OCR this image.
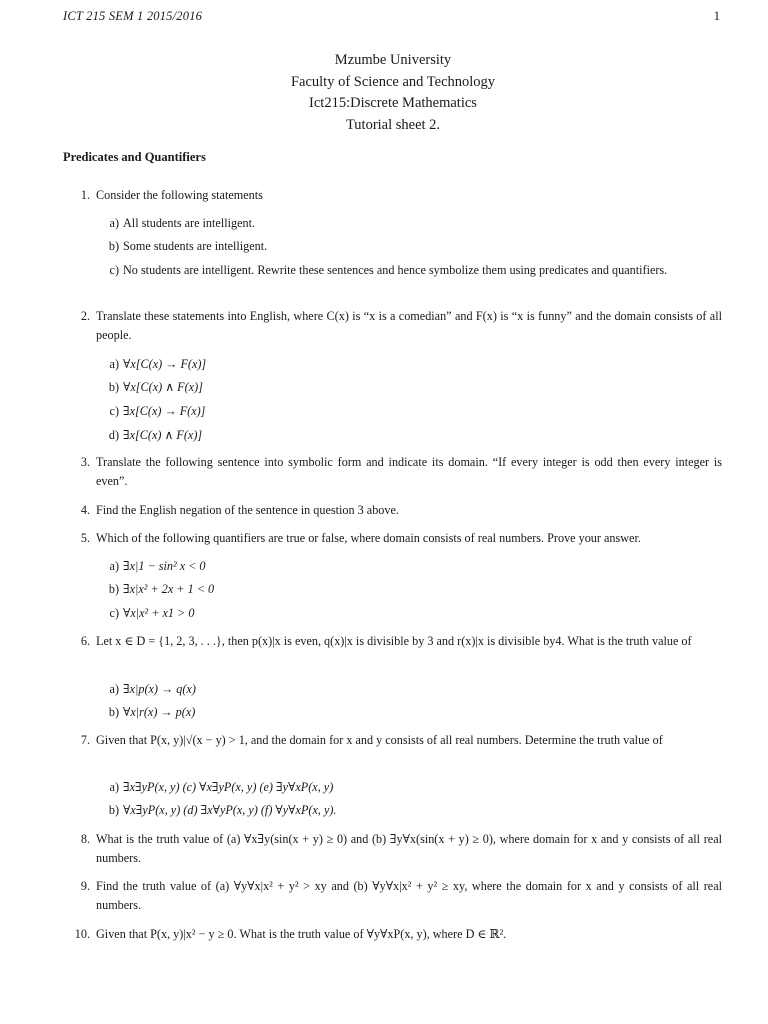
ICT 215 SEM 1 2015/2016	1
Mzumbe University
Faculty of Science and Technology
Ict215:Discrete Mathematics
Tutorial sheet 2.
Predicates and Quantifiers
1. Consider the following statements
a) All students are intelligent.
b) Some students are intelligent.
c) No students are intelligent. Rewrite these sentences and hence symbolize them using predicates and quantifiers.
2. Translate these statements into English, where C(x) is “x is a comedian” and F(x) is “x is funny” and the domain consists of all people.
a) ∀x[C(x) → F(x)]
b) ∀x[C(x) ∧ F(x)]
c) ∃x[C(x) → F(x)]
d) ∃x[C(x) ∧ F(x)]
3. Translate the following sentence into symbolic form and indicate its domain. “If every integer is odd then every integer is even”.
4. Find the English negation of the sentence in question 3 above.
5. Which of the following quantifiers are true or false, where domain consists of real numbers. Prove your answer.
a) ∃x|1 − sin² x < 0
b) ∃x|x² + 2x + 1 < 0
c) ∀x|x² + x1 > 0
6. Let x ∈ D = {1, 2, 3, . . .}, then p(x)|x is even, q(x)|x is divisible by 3 and r(x)|x is divisible by4. What is the truth value of
a) ∃x|p(x) → q(x)
b) ∀x|r(x) → p(x)
7. Given that P(x, y)|√(x − y) > 1, and the domain for x and y consists of all real numbers. Determine the truth value of
a) ∃x∃yP(x, y) (c) ∀x∃yP(x, y) (e) ∃y∀xP(x, y)
b) ∀x∃yP(x, y) (d) ∃x∀yP(x, y) (f) ∀y∀xP(x, y).
8. What is the truth value of (a) ∀x∃y(sin(x + y) ≥ 0) and (b) ∃y∀x(sin(x + y) ≥ 0), where domain for x and y consists of all real numbers.
9. Find the truth value of (a) ∀y∀x|x² + y² > xy and (b) ∀y∀x|x² + y² ≥ xy, where the domain for x and y consists of all real numbers.
10. Given that P(x, y)|x² − y ≥ 0. What is the truth value of ∀y∀xP(x, y), where D ∈ ℝ².
